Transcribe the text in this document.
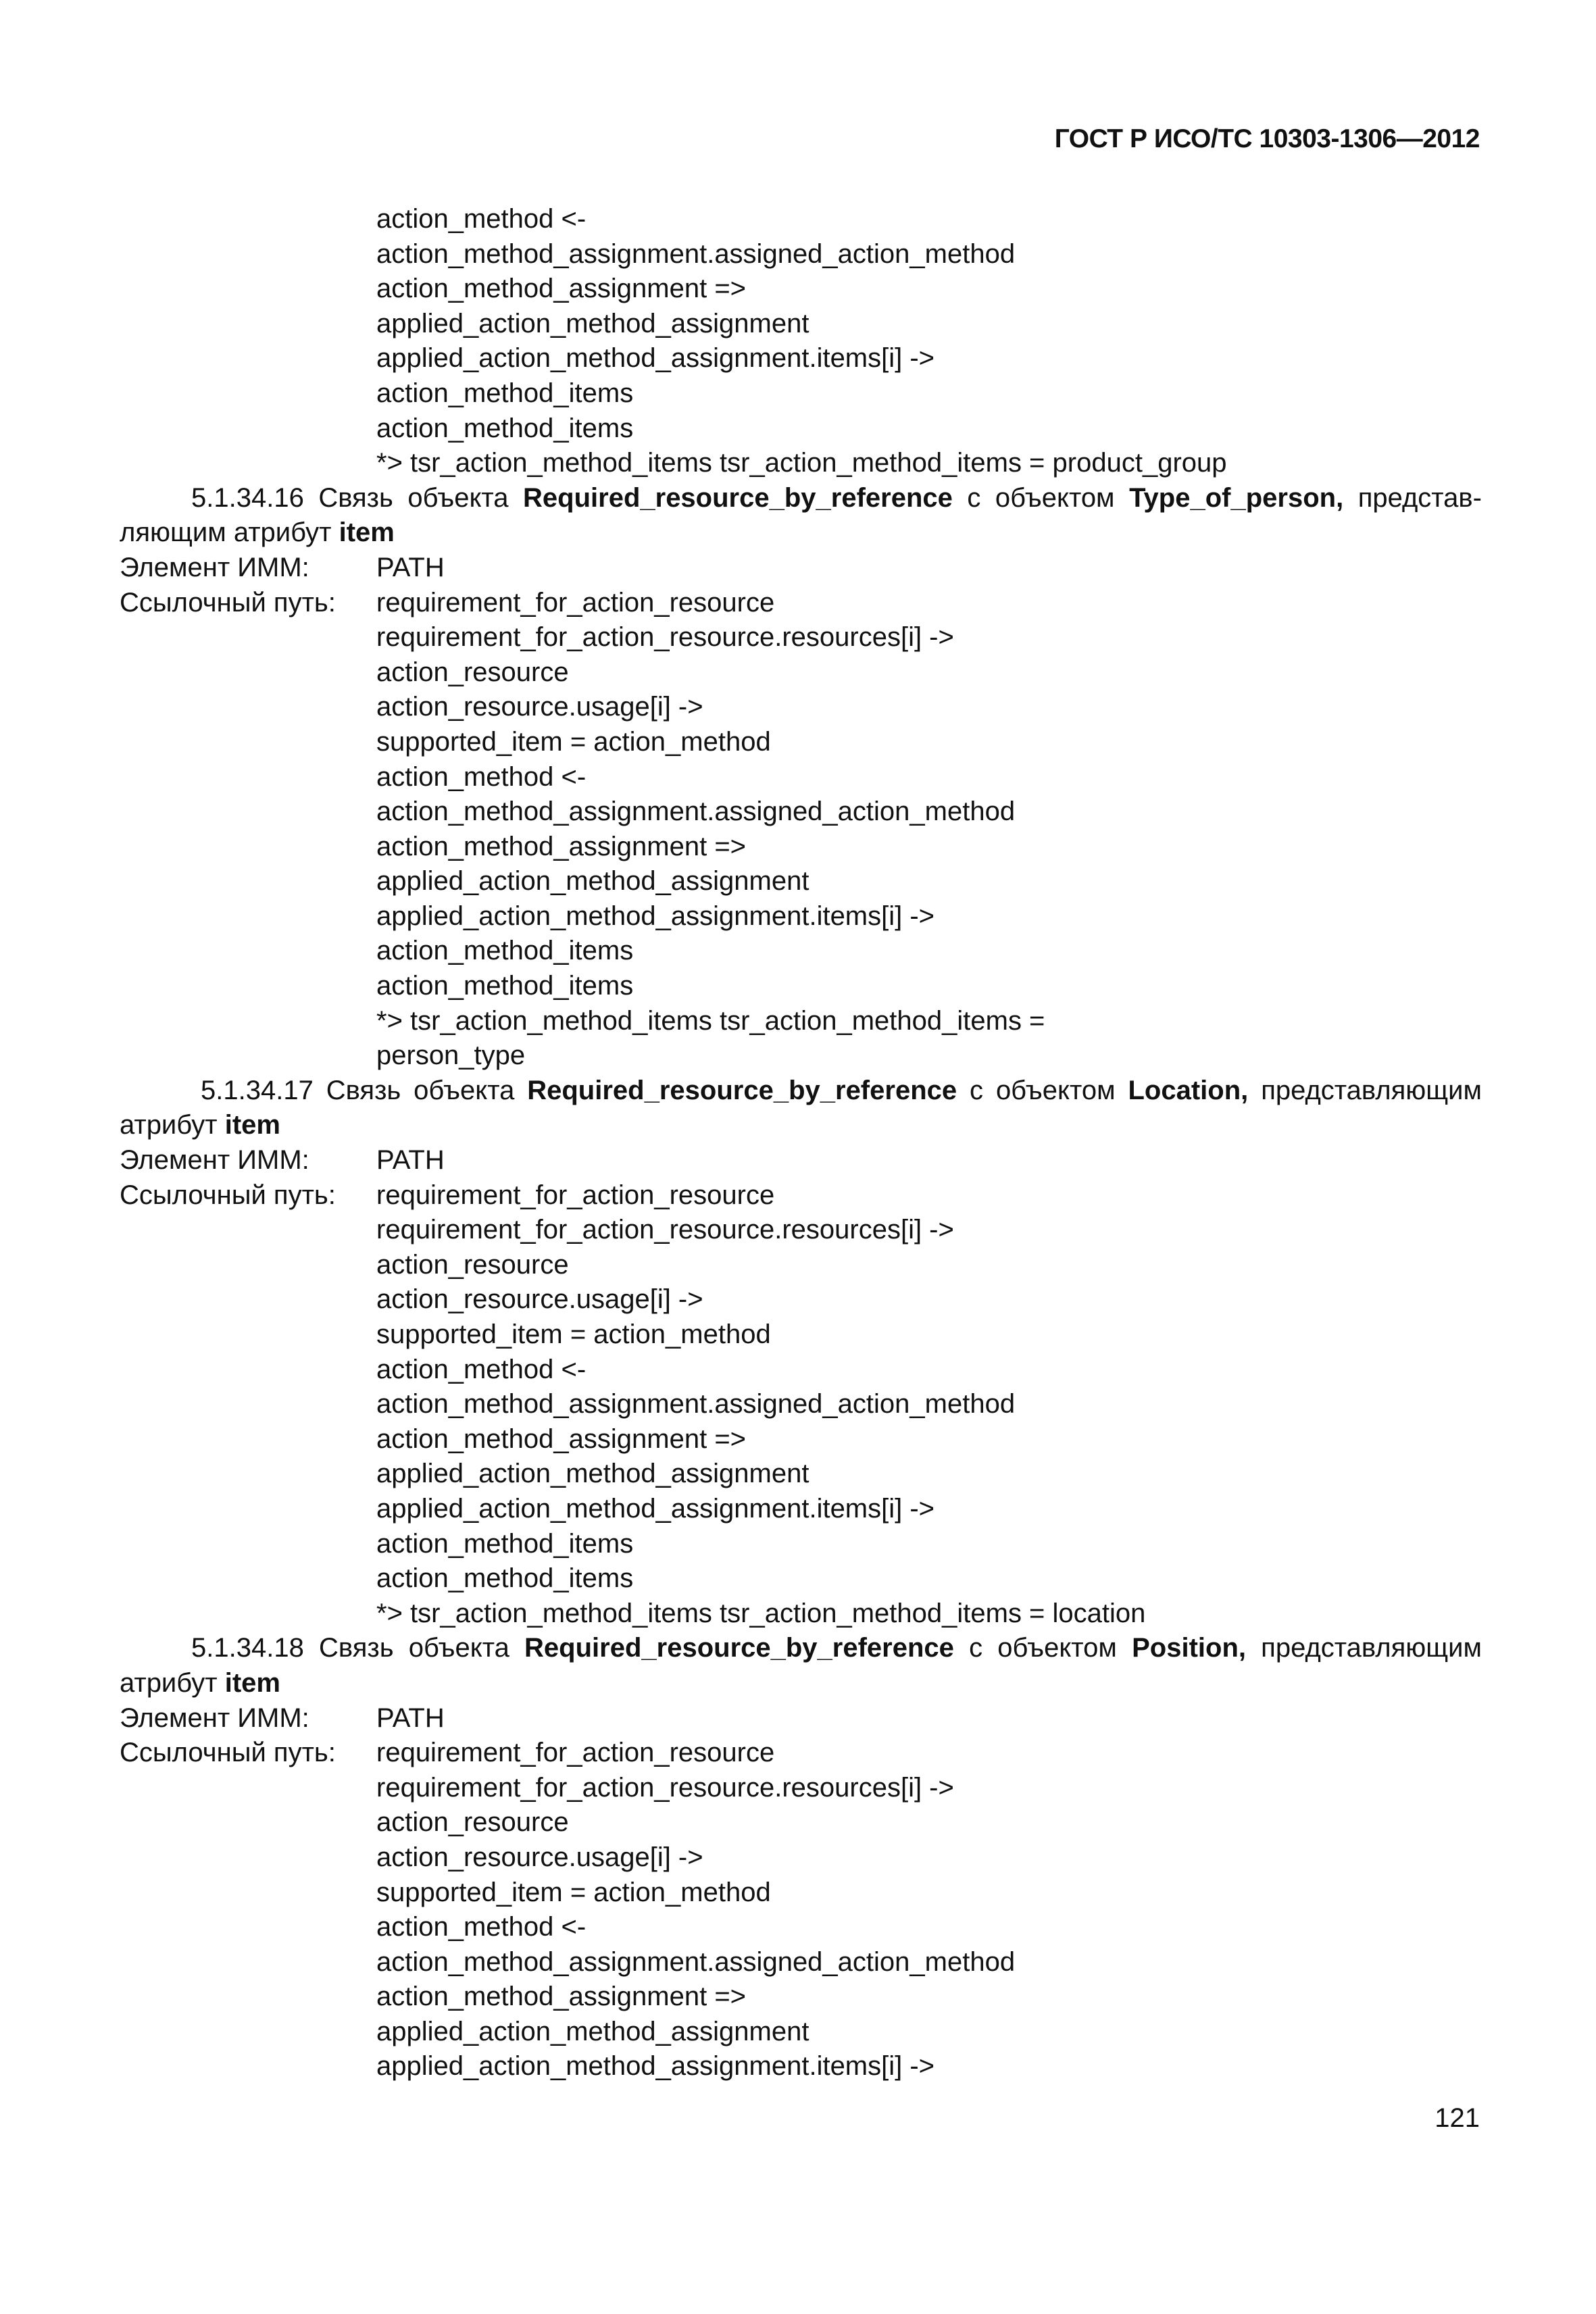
ГОСТ Р ИСО/ТС 10303-1306—2012
action_method <-
action_method_assignment.assigned_action_method
action_method_assignment =>
applied_action_method_assignment
applied_action_method_assignment.items[i] ->
action_method_items
action_method_items
*> tsr_action_method_items tsr_action_method_items = product_group
5.1.34.16 Связь объекта Required_resource_by_reference с объектом Type_of_person, представ-ляющим атрибут item
Элемент ИММ:	PATH
Ссылочный путь:	requirement_for_action_resource
requirement_for_action_resource.resources[i] ->
action_resource
action_resource.usage[i] ->
supported_item = action_method
action_method <-
action_method_assignment.assigned_action_method
action_method_assignment =>
applied_action_method_assignment
applied_action_method_assignment.items[i] ->
action_method_items
action_method_items
*> tsr_action_method_items tsr_action_method_items =
person_type
5.1.34.17 Связь объекта Required_resource_by_reference с объектом Location, представляющим атрибут item
Элемент ИММ:	PATH
Ссылочный путь:	requirement_for_action_resource
requirement_for_action_resource.resources[i] ->
action_resource
action_resource.usage[i] ->
supported_item = action_method
action_method <-
action_method_assignment.assigned_action_method
action_method_assignment =>
applied_action_method_assignment
applied_action_method_assignment.items[i] ->
action_method_items
action_method_items
*> tsr_action_method_items tsr_action_method_items = location
5.1.34.18 Связь объекта Required_resource_by_reference с объектом Position, представляющим атрибут item
Элемент ИММ:	PATH
Ссылочный путь:	requirement_for_action_resource
requirement_for_action_resource.resources[i] ->
action_resource
action_resource.usage[i] ->
supported_item = action_method
action_method <-
action_method_assignment.assigned_action_method
action_method_assignment =>
applied_action_method_assignment
applied_action_method_assignment.items[i] ->
121
